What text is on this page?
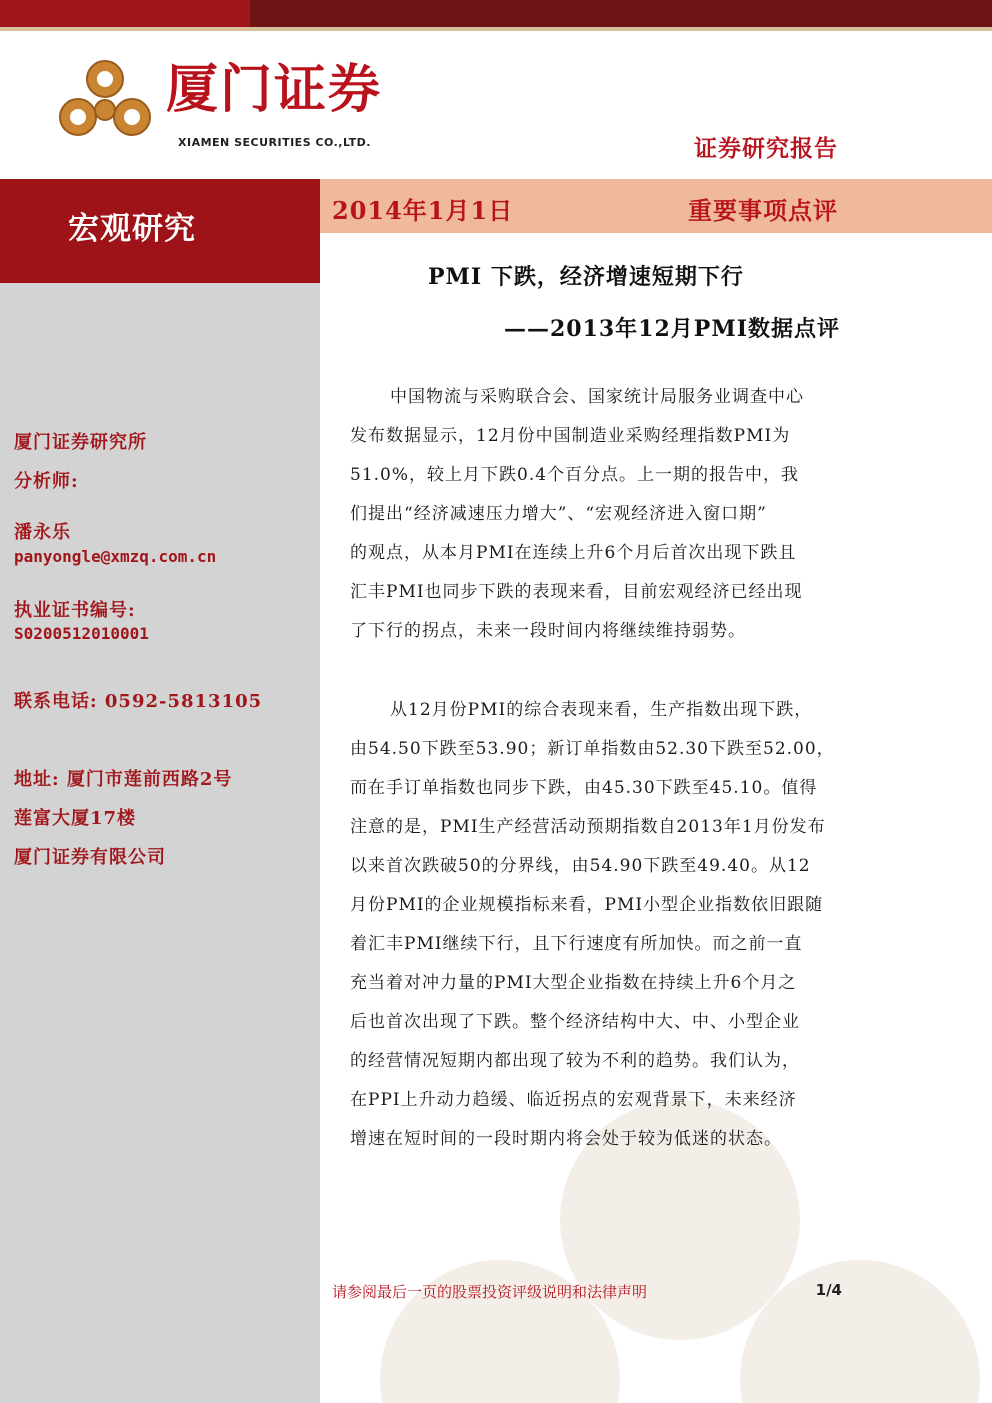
厦门证券
XIAMEN SECURITIES CO.,LTD.	证券研究报告
宏观研究
2014年1月1日	重要事项点评
PMI 下跌，经济增速短期下行
——2013年12月PMI数据点评
中国物流与采购联合会、国家统计局服务业调查中心
发布数据显示，12月份中国制造业采购经理指数PMI为
51.0%，较上月下跌0.4个百分点。上一期的报告中，我
们提出“经济减速压力增大”、“宏观经济进入窗口期”
的观点，从本月PMI在连续上升6个月后首次出现下跌且
汇丰PMI也同步下跌的表现来看，目前宏观经济已经出现
了下行的拐点，未来一段时间内将继续维持弱势。
从12月份PMI的综合表现来看，生产指数出现下跌，
由54.50下跌至53.90；新订单指数由52.30下跌至52.00，
而在手订单指数也同步下跌，由45.30下跌至45.10。值得
注意的是，PMI生产经营活动预期指数自2013年1月份发布
以来首次跌破50的分界线，由54.90下跌至49.40。从12
月份PMI的企业规模指标来看，PMI小型企业指数依旧跟随
着汇丰PMI继续下行，且下行速度有所加快。而之前一直
充当着对冲力量的PMI大型企业指数在持续上升6个月之
后也首次出现了下跌。整个经济结构中大、中、小型企业
的经营情况短期内都出现了较为不利的趋势。我们认为，
在PPI上升动力趋缓、临近拐点的宏观背景下，未来经济
增速在短时间的一段时期内将会处于较为低迷的状态。
厦门证券研究所
分析师:
潘永乐
panyongle@xmzq.com.cn
执业证书编号:
S0200512010001
联系电话: 0592-5813105
地址: 厦门市莲前西路2号
莲富大厦17楼
厦门证券有限公司
请参阅最后一页的股票投资评级说明和法律声明	1/4
